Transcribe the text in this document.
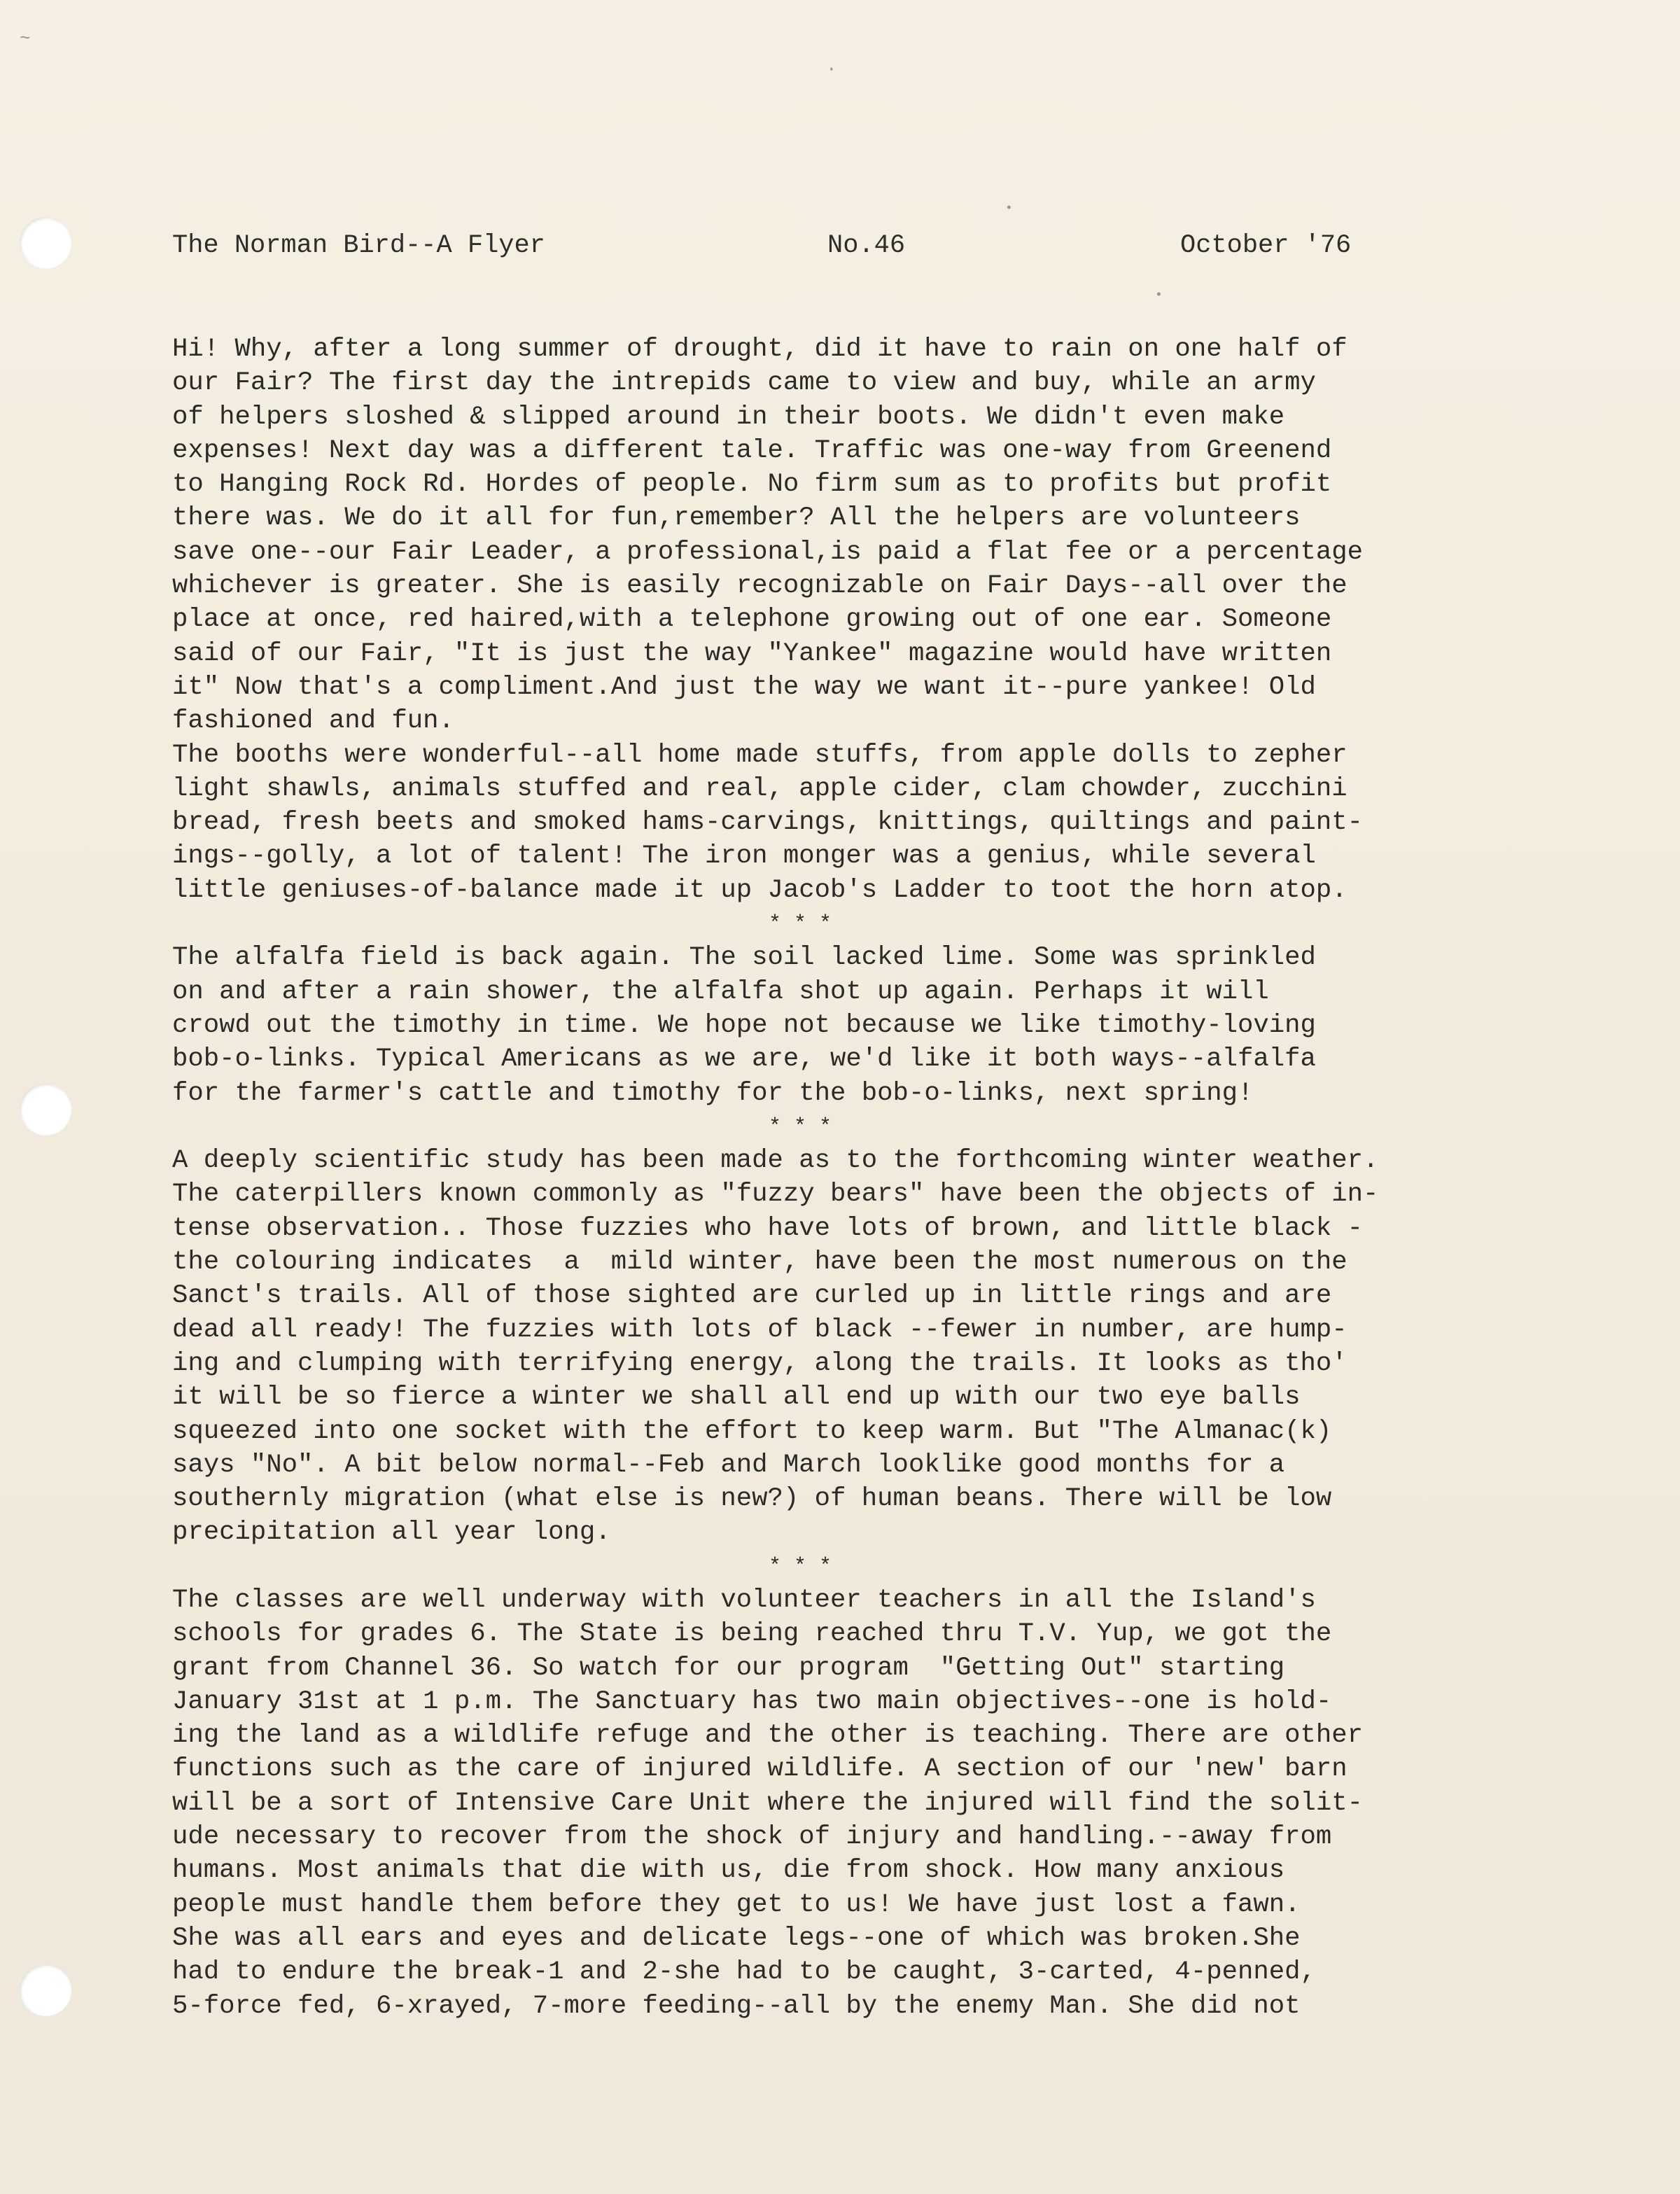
~
·
•
•
The Norman Bird--A Flyer	No.46	October '76
Hi! Why, after a long summer of drought, did it have to rain on one half of
our Fair? The first day the intrepids came to view and buy, while an army
of helpers sloshed & slipped around in their boots. We didn't even make
expenses! Next day was a different tale. Traffic was one-way from Greenend
to Hanging Rock Rd. Hordes of people. No firm sum as to profits but profit
there was. We do it all for fun,remember? All the helpers are volunteers
save one--our Fair Leader, a professional,is paid a flat fee or a percentage
whichever is greater. She is easily recognizable on Fair Days--all over the
place at once, red haired,with a telephone growing out of one ear. Someone
said of our Fair, "It is just the way "Yankee" magazine would have written
it" Now that's a compliment.And just the way we want it--pure yankee! Old
fashioned and fun.
The booths were wonderful--all home made stuffs, from apple dolls to zepher
light shawls, animals stuffed and real, apple cider, clam chowder, zucchini
bread, fresh beets and smoked hams-carvings, knittings, quiltings and paint-
ings--golly, a lot of talent! The iron monger was a genius, while several
little geniuses-of-balance made it up Jacob's Ladder to toot the horn atop.
* * *
The alfalfa field is back again. The soil lacked lime. Some was sprinkled
on and after a rain shower, the alfalfa shot up again. Perhaps it will
crowd out the timothy in time. We hope not because we like timothy-loving
bob-o-links. Typical Americans as we are, we'd like it both ways--alfalfa
for the farmer's cattle and timothy for the bob-o-links, next spring!
* * *
A deeply scientific study has been made as to the forthcoming winter weather.
The caterpillers known commonly as "fuzzy bears" have been the objects of in-
tense observation.. Those fuzzies who have lots of brown, and little black -
the colouring indicates  a  mild winter, have been the most numerous on the
Sanct's trails. All of those sighted are curled up in little rings and are
dead all ready! The fuzzies with lots of black --fewer in number, are hump-
ing and clumping with terrifying energy, along the trails. It looks as tho'
it will be so fierce a winter we shall all end up with our two eye balls
squeezed into one socket with the effort to keep warm. But "The Almanac(k)
says "No". A bit below normal--Feb and March looklike good months for a
southernly migration (what else is new?) of human beans. There will be low
precipitation all year long.
* * *
The classes are well underway with volunteer teachers in all the Island's
schools for grades 6. The State is being reached thru T.V. Yup, we got the
grant from Channel 36. So watch for our program  "Getting Out" starting
January 31st at 1 p.m. The Sanctuary has two main objectives--one is hold-
ing the land as a wildlife refuge and the other is teaching. There are other
functions such as the care of injured wildlife. A section of our 'new' barn
will be a sort of Intensive Care Unit where the injured will find the solit-
ude necessary to recover from the shock of injury and handling.--away from
humans. Most animals that die with us, die from shock. How many anxious
people must handle them before they get to us! We have just lost a fawn.
She was all ears and eyes and delicate legs--one of which was broken.She
had to endure the break-1 and 2-she had to be caught, 3-carted, 4-penned,
5-force fed, 6-xrayed, 7-more feeding--all by the enemy Man. She did not
